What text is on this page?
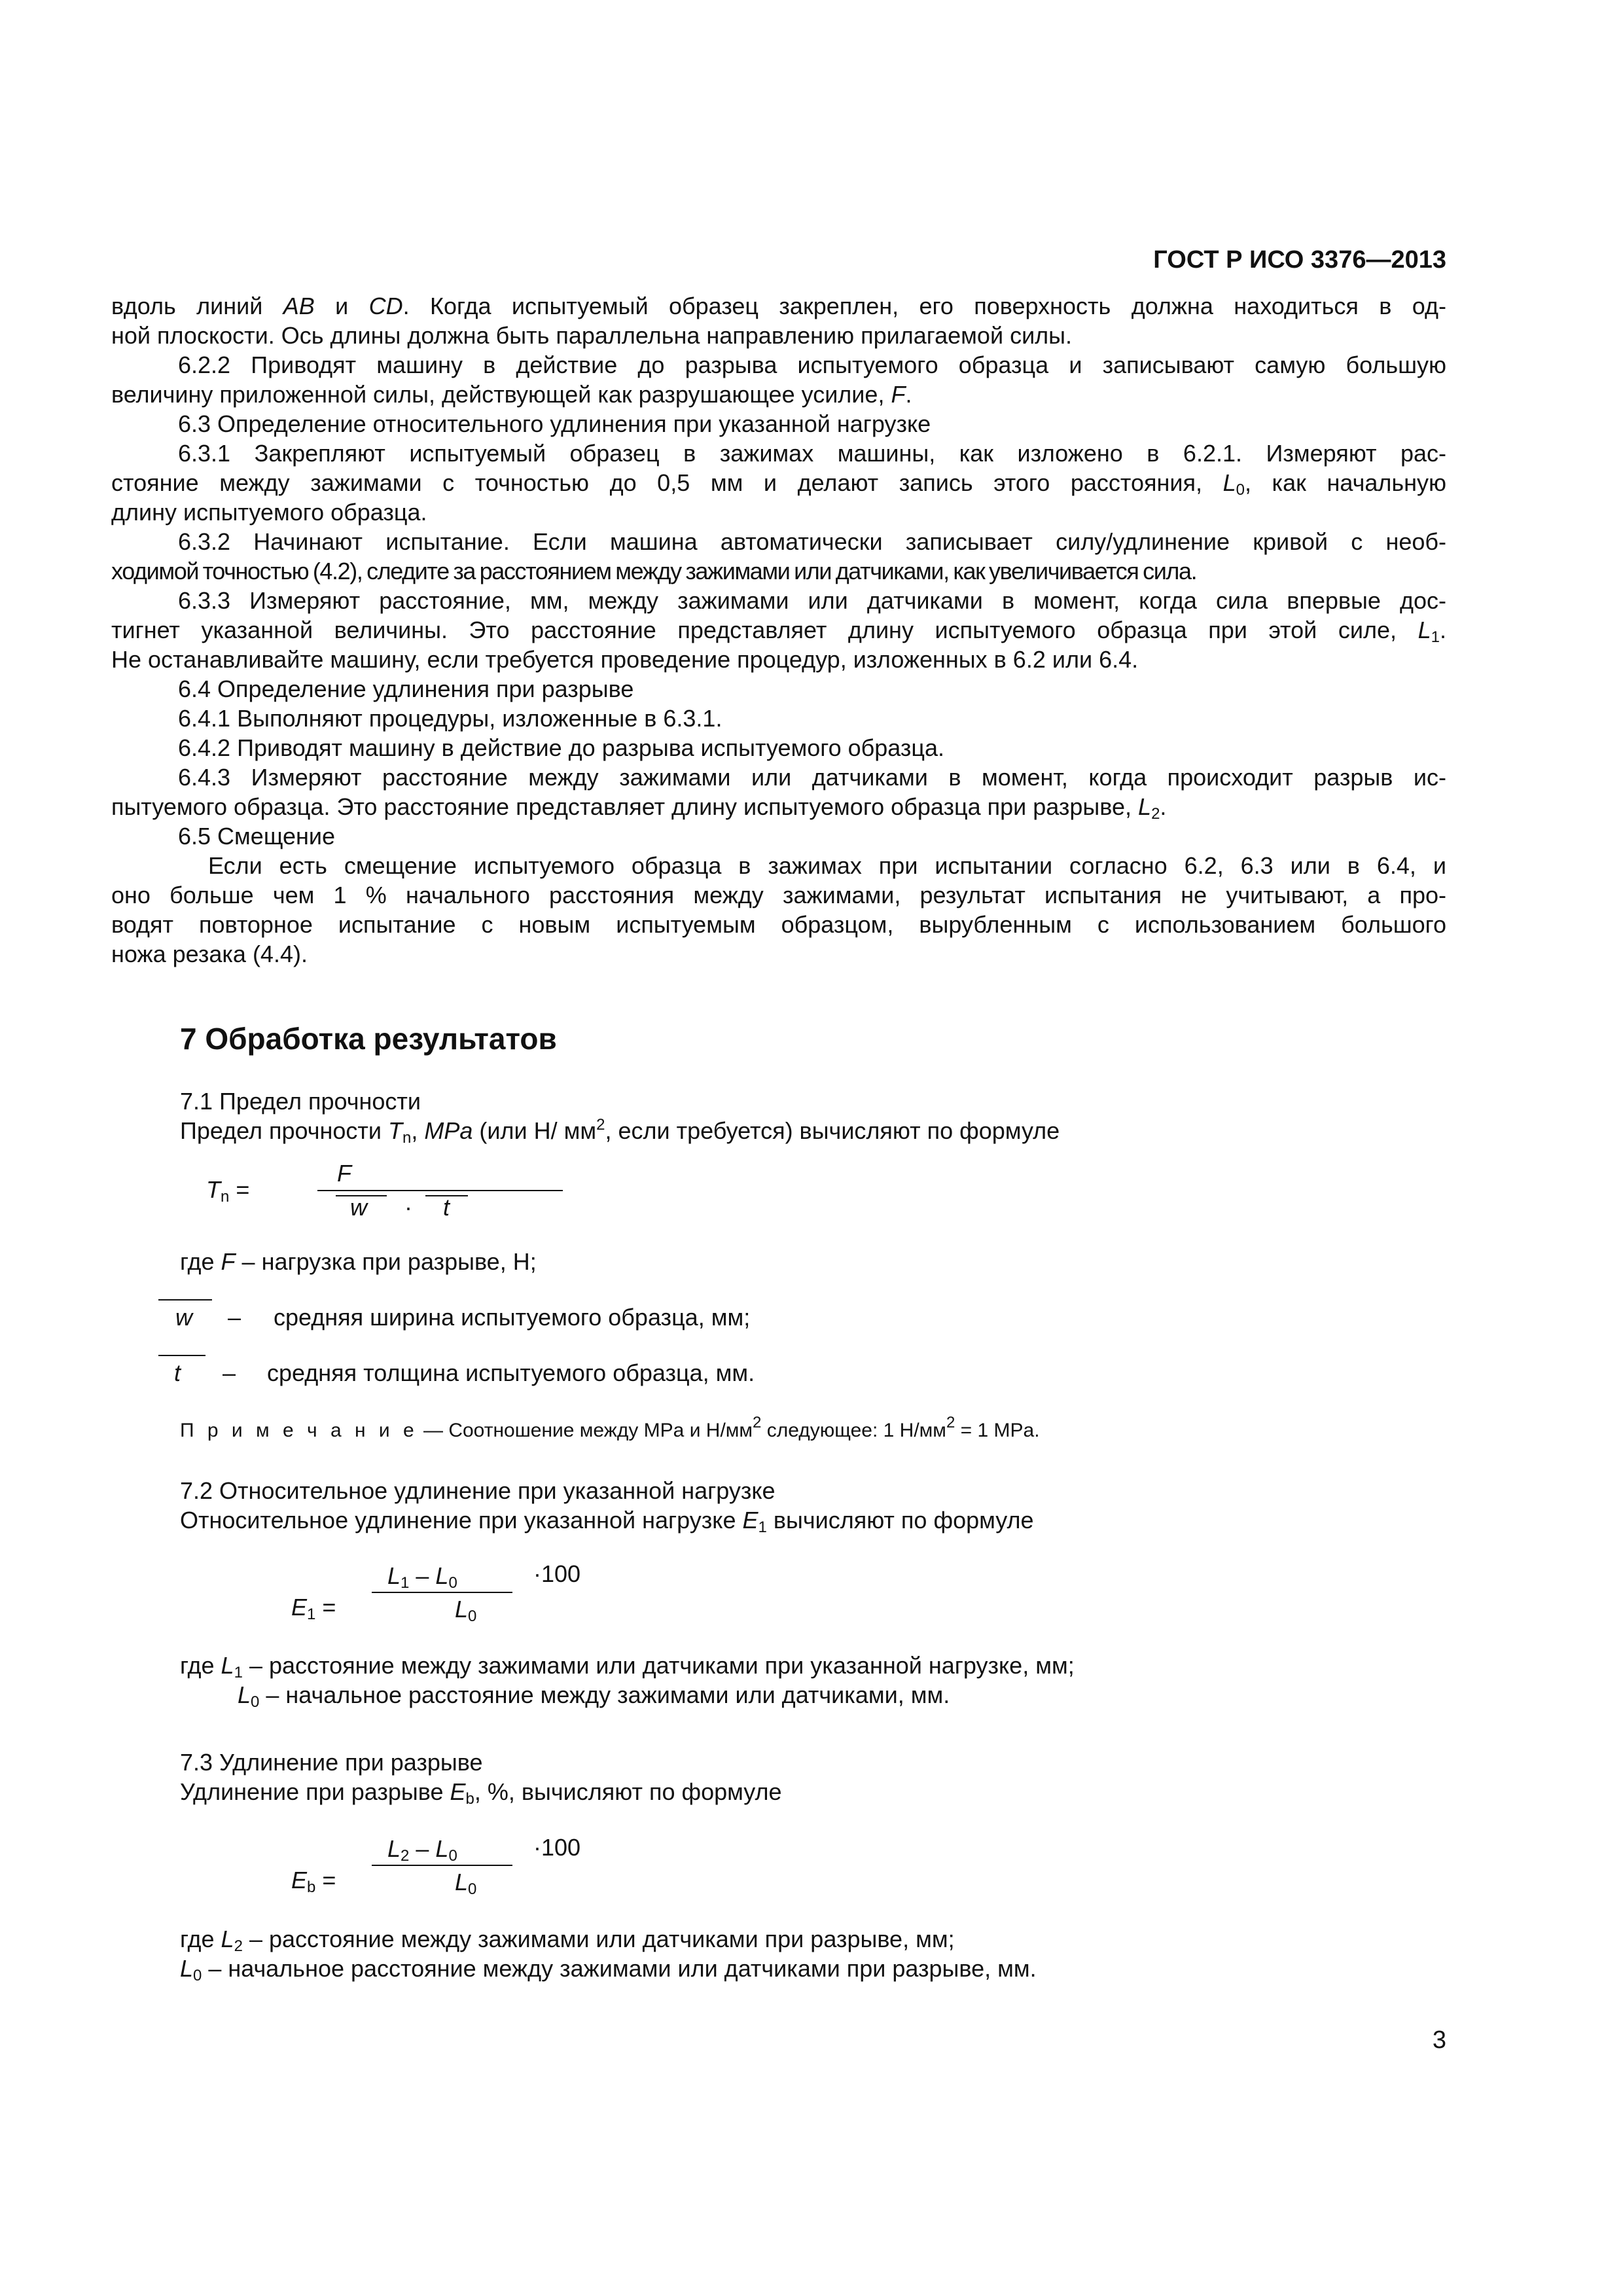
ГОСТ Р ИСО 3376—2013

вдоль линий AB и CD. Когда испытуемый образец закреплен, его поверхность должна находиться в од-

ной плоскости. Ось длины должна быть параллельна направлению прилагаемой силы.

6.2.2 Приводят машину в действие до разрыва испытуемого образца и записывают самую большую

величину приложенной силы, действующей как разрушающее усилие, F.

6.3 Определение относительного удлинения при указанной нагрузке

6.3.1 Закрепляют испытуемый образец в зажимах машины, как изложено в 6.2.1. Измеряют рас-

стояние между зажимами с точностью до 0,5 мм и делают запись этого расстояния, $L_0$, как начальную

длину испытуемого образца.

6.3.2 Начинают испытание. Если машина автоматически записывает силу/удлинение кривой с необ-

ходимой точностью (4.2), следите за расстоянием между зажимами или датчиками, как увеличивается сила.

6.3.3 Измеряют расстояние, мм, между зажимами или датчиками в момент, когда сила впервые дос-

тигнет указанной величины. Это расстояние представляет длину испытуемого образца при этой силе, $L_1$.

Не останавливайте машину, если требуется проведение процедур, изложенных в 6.2 или 6.4.

6.4 Определение удлинения при разрыве

6.4.1 Выполняют процедуры, изложенные в 6.3.1.

6.4.2 Приводят машину в действие до разрыва испытуемого образца.

6.4.3 Измеряют расстояние между зажимами или датчиками в момент, когда происходит разрыв ис-

пытуемого образца. Это расстояние представляет длину испытуемого образца при разрыве, $L_2$.

6.5 Смещение

Если есть смещение испытуемого образца в зажимах при испытании согласно 6.2, 6.3 или в 6.4, и

оно больше чем 1 % начального расстояния между зажимами, результат испытания не учитывают, а про-

водят повторное испытание с новым испытуемым образцом, вырубленным с использованием большого

ножа резака (4.4).

7 Обработка результатов
7.1 Предел прочности
Предел прочности $T_n$, MPa (или Н/ $мм^2$, если требуется) вычисляют по формуле
$T_n$ =
F
w · t
где F – нагрузка при разрыве, Н;
w – средняя ширина испытуемого образца, мм;
t – средняя толщина испытуемого образца, мм.
П р и м е ч а н и е — Соотношение между MPa и $Н/мм^2$ следующее: 1 $Н/мм^2 = 1$ MPa.
7.2 Относительное удлинение при указанной нагрузке
Относительное удлинение при указанной нагрузке $E_1$ вычисляют по формуле
$L_1 - L_0$	·100
$E_1$ =	$L_0$
где $L_1$ – расстояние между зажимами или датчиками при указанной нагрузке, мм;
$L_0$ – начальное расстояние между зажимами или датчиками, мм.
7.3 Удлинение при разрыве
Удлинение при разрыве $E_b$, %, вычисляют по формуле
$L_2 - L_0$	·100
$E_b$ =	$L_0$
где $L_2$ – расстояние между зажимами или датчиками при разрыве, мм;
$L_0$ – начальное расстояние между зажимами или датчиками при разрыве, мм.
3
